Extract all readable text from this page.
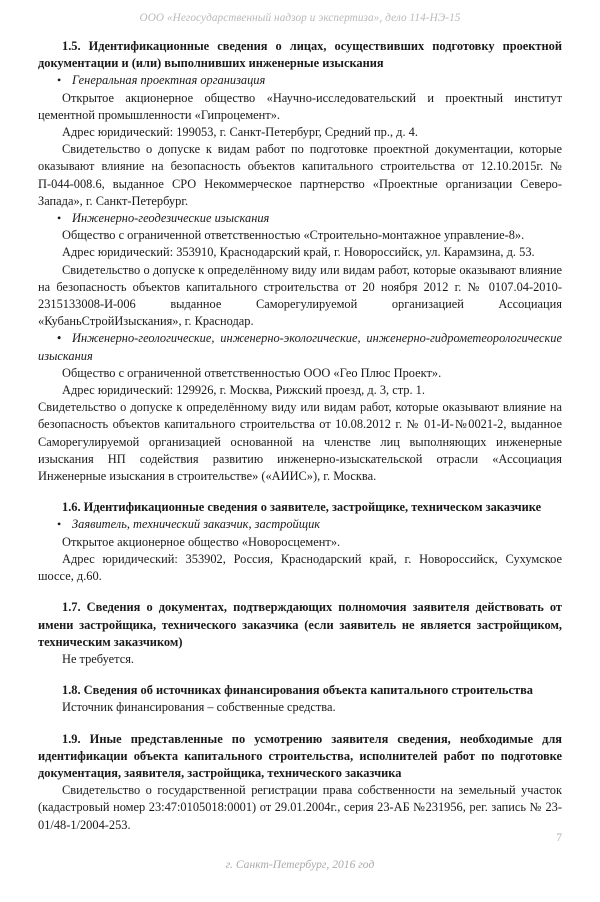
ООО «Негосударственный надзор и экспертиза», дело 114-НЭ-15
1.5. Идентификационные сведения о лицах, осуществивших подготовку проектной документации и (или) выполнивших инженерные изыскания
• Генеральная проектная организация

Открытое акционерное общество «Научно-исследовательский и проектный институт цементной промышленности «Гипроцемент».

Адрес юридический: 199053, г. Санкт-Петербург, Средний пр., д. 4.

Свидетельство о допуске к видам работ по подготовке проектной документации, которые оказывают влияние на безопасность объектов капитального строительства от 12.10.2015г. № П-044-008.6, выданное СРО Некоммерческое партнерство «Проектные организации Северо-Запада», г. Санкт-Петербург.

• Инженерно-геодезические изыскания

Общество с ограниченной ответственностью «Строительно-монтажное управление-8».

Адрес юридический: 353910, Краснодарский край, г. Новороссийск, ул. Карамзина, д. 53.

Свидетельство о допуске к определённому виду или видам работ, которые оказывают влияние на безопасность объектов капитального строительства от 20 ноября 2012 г. № 0107.04-2010-2315133008-И-006 выданное Саморегулируемой организацией Ассоциация «КубаньСтройИзыскания», г. Краснодар.

• • Инженерно-геологические, инженерно-экологические, инженерно-гидрометеорологические изыскания

Общество с ограниченной ответственностью ООО «Гео Плюс Проект».

Адрес юридический: 129926, г. Москва, Рижский проезд, д. 3, стр. 1.

Свидетельство о допуске к определённому виду или видам работ, которые оказывают влияние на безопасность объектов капитального строительства от 10.08.2012 г. № 01-И-№0021-2, выданное Саморегулируемой организацией основанной на членстве лиц выполняющих инженерные изыскания НП содействия развитию инженерно-изыскательской отрасли «Ассоциация Инженерные изыскания в строительстве» («АИИС»), г. Москва.

1.6. Идентификационные сведения о заявителе, застройщике, техническом заказчике
• Заявитель, технический заказчик, застройщик

Открытое акционерное общество «Новоросцемент».

Адрес юридический: 353902, Россия, Краснодарский край, г. Новороссийск, Сухумское шоссе, д.60.

1.7. Сведения о документах, подтверждающих полномочия заявителя действовать от имени застройщика, технического заказчика (если заявитель не является застройщиком, техническим заказчиком)

Не требуется.

1.8. Сведения об источниках финансирования объекта капитального строительства

Источник финансирования – собственные средства.

1.9. Иные представленные по усмотрению заявителя сведения, необходимые для идентификации объекта капитального строительства, исполнителей работ по подготовке документация, заявителя, застройщика, технического заказчика

Свидетельство о государственной регистрации права собственности на земельный участок (кадастровый номер 23:47:0105018:0001) от 29.01.2004г., серия 23-АБ №231956, рег. запись № 23-01/48-1/2004-253.

7
г. Санкт-Петербург, 2016 год
